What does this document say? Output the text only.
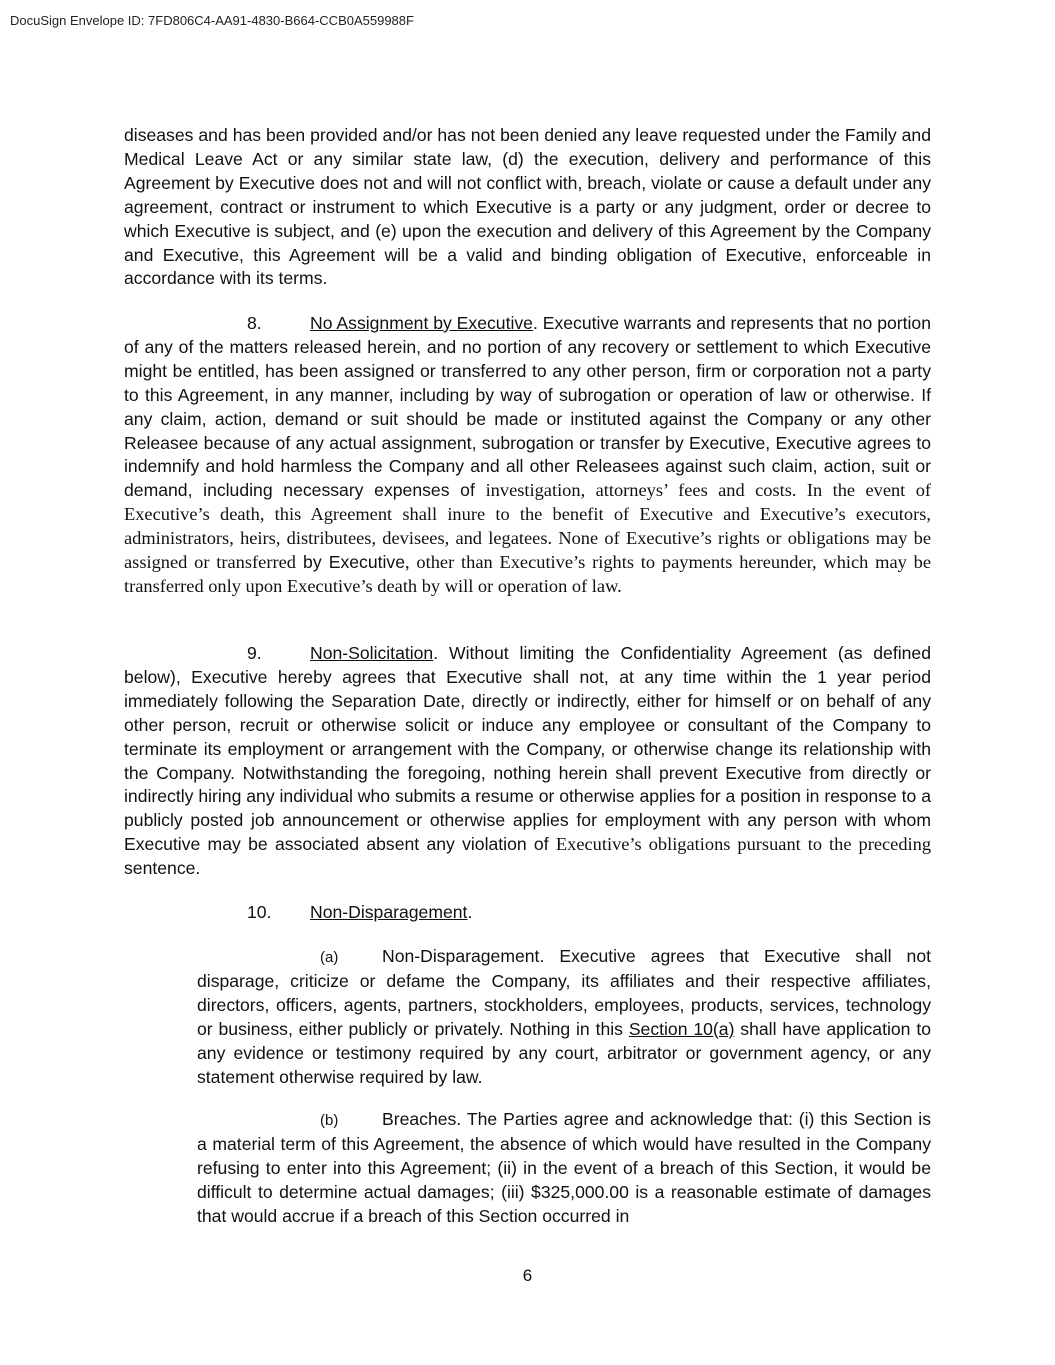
DocuSign Envelope ID: 7FD806C4-AA91-4830-B664-CCB0A559988F

diseases and has been provided and/or has not been denied any leave requested under the Family and Medical Leave Act or any similar state law, (d) the execution, delivery and performance of this Agreement by Executive does not and will not conflict with, breach, violate or cause a default under any agreement, contract or instrument to which Executive is a party or any judgment, order or decree to which Executive is subject, and (e) upon the execution and delivery of this Agreement by the Company and Executive, this Agreement will be a valid and binding obligation of Executive, enforceable in accordance with its terms.

8.	No Assignment by Executive. Executive warrants and represents that no portion of any of the matters released herein, and no portion of any recovery or settlement to which Executive might be entitled, has been assigned or transferred to any other person, firm or corporation not a party to this Agreement, in any manner, including by way of subrogation or operation of law or otherwise. If any claim, action, demand or suit should be made or instituted against the Company or any other Releasee because of any actual assignment, subrogation or transfer by Executive, Executive agrees to indemnify and hold harmless the Company and all other Releasees against such claim, action, suit or demand, including necessary expenses of investigation, attorneys’ fees and costs. In the event of Executive’s death, this Agreement shall inure to the benefit of Executive and Executive’s executors, administrators, heirs, distributees, devisees, and legatees. None of Executive’s rights or obligations may be assigned or transferred by Executive, other than Executive’s rights to payments hereunder, which may be transferred only upon Executive’s death by will or operation of law.

9.	Non-Solicitation. Without limiting the Confidentiality Agreement (as defined below), Executive hereby agrees that Executive shall not, at any time within the 1 year period immediately following the Separation Date, directly or indirectly, either for himself or on behalf of any other person, recruit or otherwise solicit or induce any employee or consultant of the Company to terminate its employment or arrangement with the Company, or otherwise change its relationship with the Company. Notwithstanding the foregoing, nothing herein shall prevent Executive from directly or indirectly hiring any individual who submits a resume or otherwise applies for a position in response to a publicly posted job announcement or otherwise applies for employment with any person with whom Executive may be associated absent any violation of Executive’s obligations pursuant to the preceding sentence.

10. Non-Disparagement.

(a) Non-Disparagement. Executive agrees that Executive shall not disparage, criticize or defame the Company, its affiliates and their respective affiliates, directors, officers, agents, partners, stockholders, employees, products, services, technology or business, either publicly or privately. Nothing in this Section 10(a) shall have application to any evidence or testimony required by any court, arbitrator or government agency, or any statement otherwise required by law.

(b) Breaches. The Parties agree and acknowledge that: (i) this Section is a material term of this Agreement, the absence of which would have resulted in the Company refusing to enter into this Agreement; (ii) in the event of a breach of this Section, it would be difficult to determine actual damages; (iii) $325,000.00 is a reasonable estimate of damages that would accrue if a breach of this Section occurred in

6
